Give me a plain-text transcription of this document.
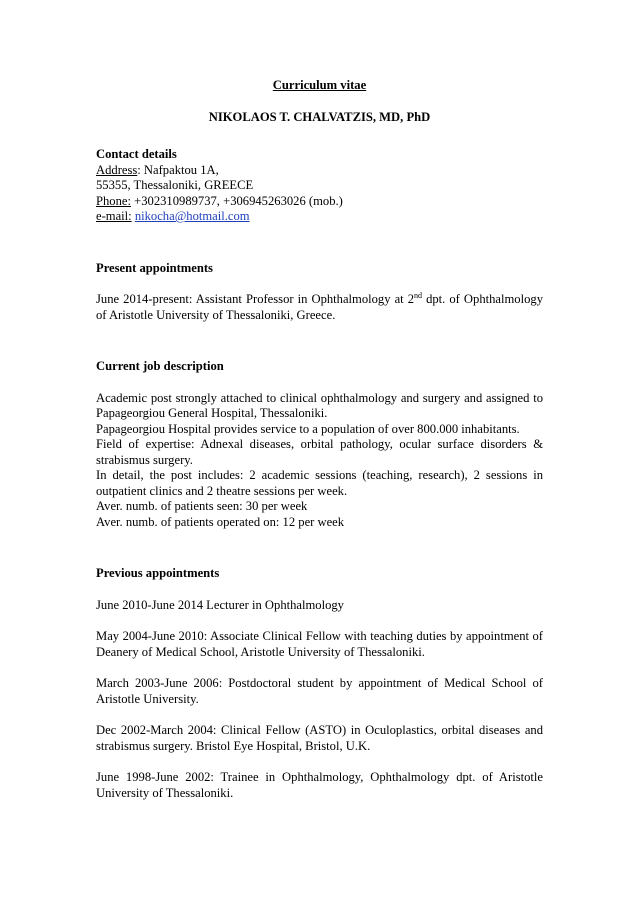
Curriculum vitae

NIKOLAOS T. CHALVATZIS, MD, PhD

Contact details

Address: Nafpaktou 1A,

55355, Thessaloniki, GREECE

Phone: +302310989737, +306945263026 (mob.)

e-mail: nikocha@hotmail.com

Present appointments

June 2014-present: Assistant Professor in Ophthalmology at 2nd dpt. of Ophthalmology of Aristotle University of Thessaloniki, Greece.

Current job description

Academic post strongly attached to clinical ophthalmology and surgery and assigned to Papageorgiou General Hospital, Thessaloniki.

Papageorgiou Hospital provides service to a population of over 800.000 inhabitants.

Field of expertise: Adnexal diseases, orbital pathology, ocular surface disorders & strabismus surgery.

In detail, the post includes: 2 academic sessions (teaching, research), 2 sessions in outpatient clinics and 2 theatre sessions per week.

Aver. numb. of patients seen: 30 per week

Aver. numb. of patients operated on: 12 per week

Previous appointments

June 2010-June 2014 Lecturer in Ophthalmology

May 2004-June 2010: Associate Clinical Fellow with teaching duties by appointment of Deanery of Medical School, Aristotle University of Thessaloniki.

March 2003-June 2006: Postdoctoral student by appointment of Medical School of Aristotle University.

Dec 2002-March 2004: Clinical Fellow (ASTO) in Oculoplastics, orbital diseases and strabismus surgery. Bristol Eye Hospital, Bristol, U.K.

June 1998-June 2002: Trainee in Ophthalmology, Ophthalmology dpt. of Aristotle University of Thessaloniki.
